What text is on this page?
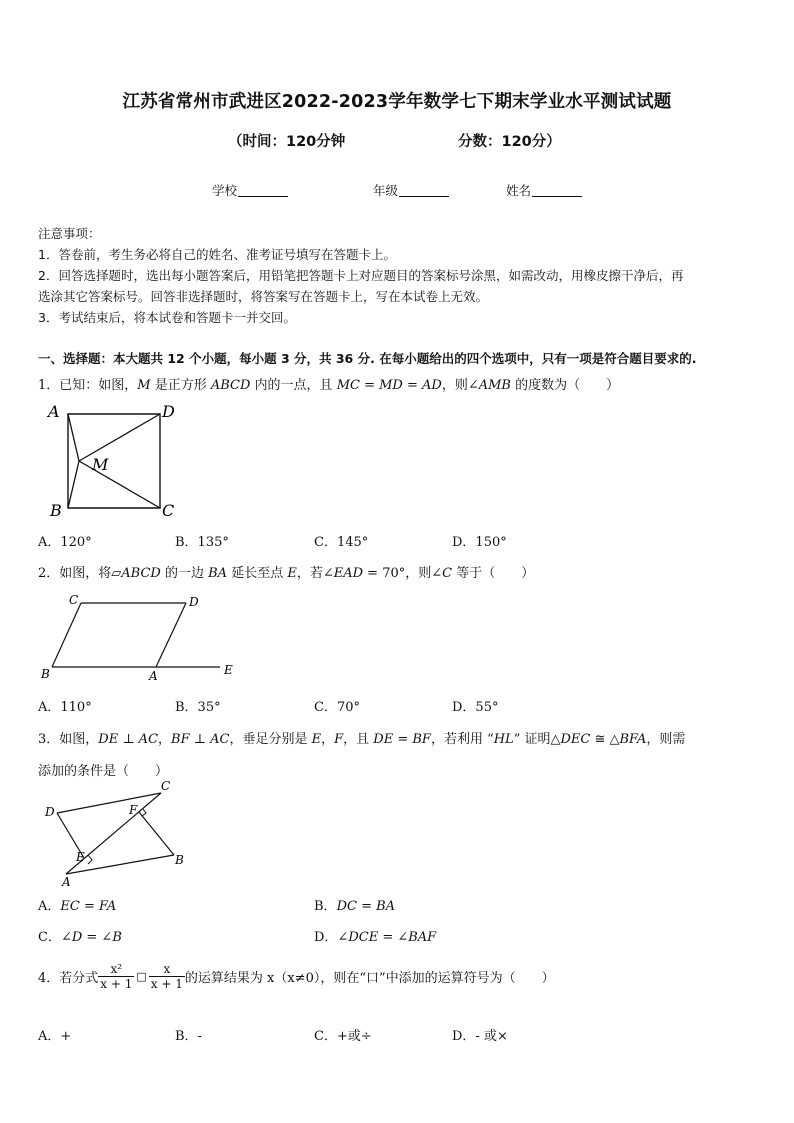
江苏省常州市武进区2022-2023学年数学七下期末学业水平测试试题
（时间：120分钟	分数：120分）
学校	年级	姓名
注意事项：
1．答卷前，考生务必将自己的姓名、准考证号填写在答题卡上。
2．回答选择题时，选出每小题答案后，用铅笔把答题卡上对应题目的答案标号涂黑，如需改动，用橡皮擦干净后，再
选涂其它答案标号。回答非选择题时，将答案写在答题卡上，写在本试卷上无效。
3．考试结束后，将本试卷和答题卡一并交回。
一、选择题：本大题共 12 个小题，每小题 3 分，共 36 分. 在每小题给出的四个选项中，只有一项是符合题目要求的.
1．已知：如图，M 是正方形 ABCD 内的一点，且 MC = MD = AD，则∠AMB 的度数为（　　）
A	D
M
B	C
A．120°	B．135°	C．145°	D．150°
2．如图，将▱ABCD 的一边 BA 延长至点 E，若∠EAD = 70°，则∠C 等于（　　）
C	D
B	A	E
A．110°	B．35°	C．70°	D．55°
3．如图，DE ⊥ AC，BF ⊥ AC，垂足分别是 E，F，且 DE = BF，若利用 “HL” 证明△DEC ≅ △BFA，则需
添加的条件是（　　）
C
D	F
E	B
A
A．EC = FA	B．DC = BA
C．∠D = ∠B	D．∠DCE = ∠BAF
4．若分式 $\frac{\text{x²}}{x + 1}$ □ $\frac{x}{x + 1}$ 的运算结果为 x（x≠0），则在“口”中添加的运算符号为（　　）
A．+	B．-	C．+或÷	D．- 或×
